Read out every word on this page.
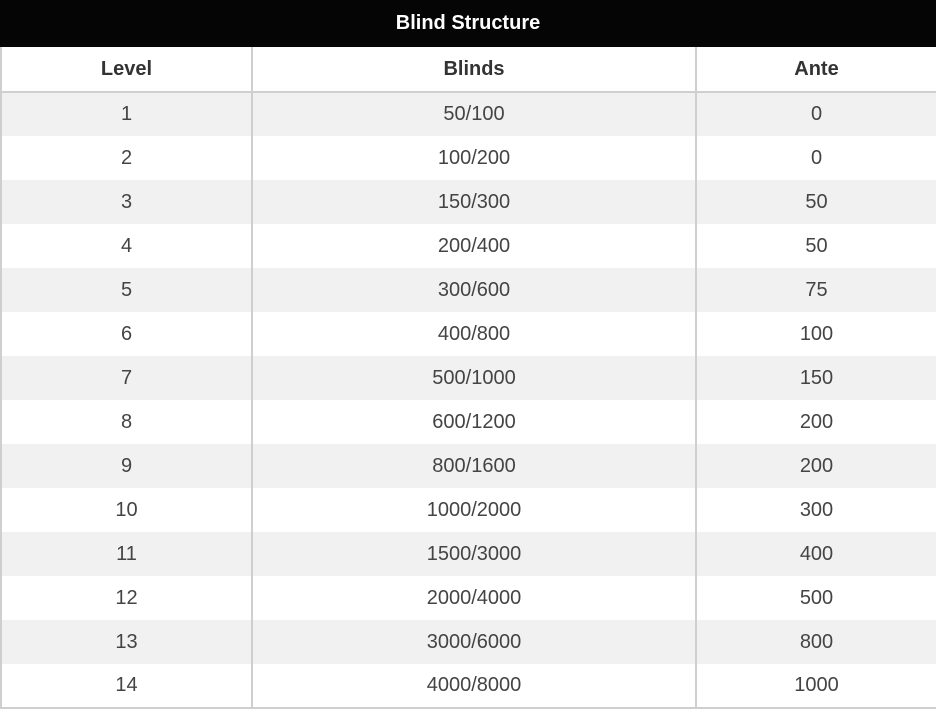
Blind Structure
Level	Blinds	Ante
1	50/100	0
2	100/200	0
3	150/300	50
4	200/400	50
5	300/600	75
6	400/800	100
7	500/1000	150
8	600/1200	200
9	800/1600	200
10	1000/2000	300
11	1500/3000	400
12	2000/4000	500
13	3000/6000	800
14	4000/8000	1000
